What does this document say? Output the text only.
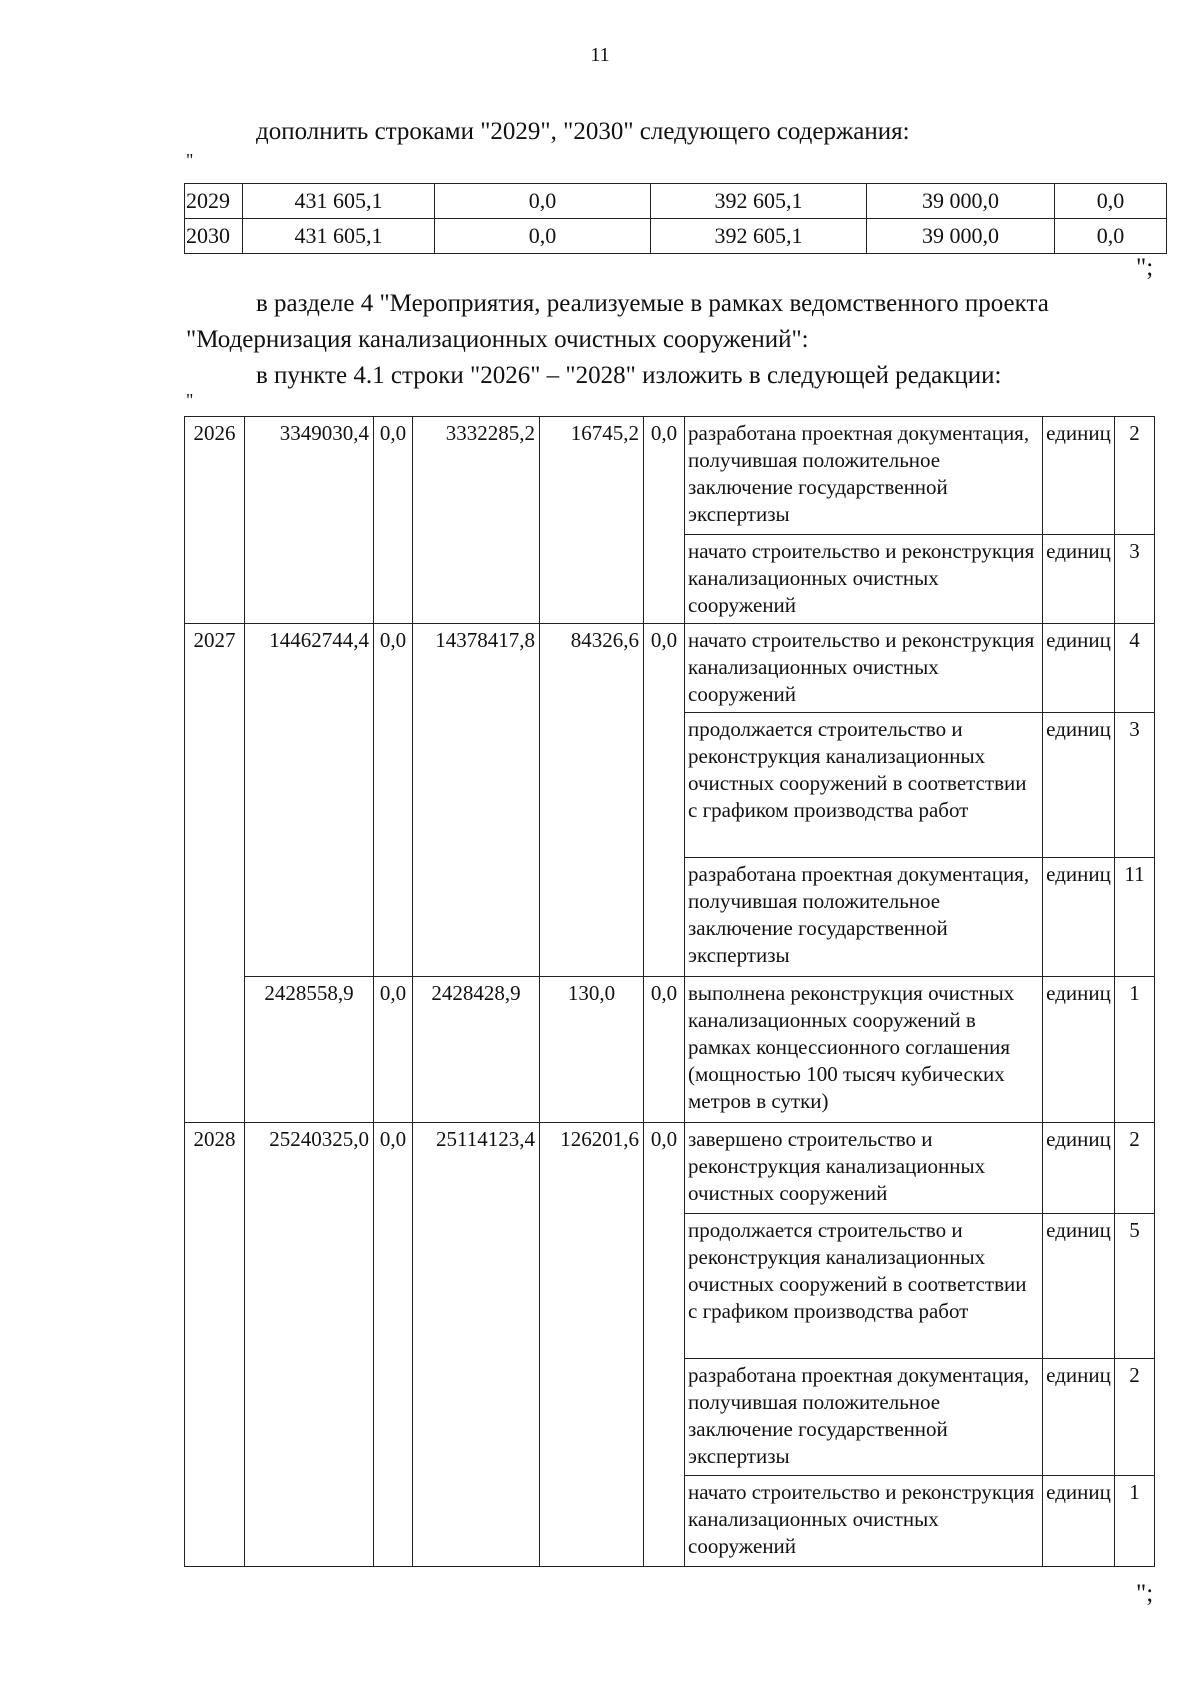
11
дополнить строками "2029", "2030" следующего содержания:
"
2029	431 605,1	0,0	392 605,1	39 000,0	0,0
2030	431 605,1	0,0	392 605,1	39 000,0	0,0
";
в разделе 4 "Мероприятия, реализуемые в рамках ведомственного проекта
"Модернизация канализационных очистных сооружений":
в пункте 4.1 строки "2026" – "2028" изложить в следующей редакции:
"
2026	3349030,4	0,0	3332285,2	16745,2	0,0	разработана проектная документация, получившая положительное заключение государственной экспертизы	единиц	2
						начато строительство и реконструкция канализационных очистных сооружений	единиц	3
2027	14462744,4	0,0	14378417,8	84326,6	0,0	начато строительство и реконструкция канализационных очистных сооружений	единиц	4
						продолжается строительство и реконструкция канализационных очистных сооружений в соответствии с графиком производства работ	единиц	3
						разработана проектная документация, получившая положительное заключение государственной экспертизы	единиц	11
	2428558,9	0,0	2428428,9	130,0	0,0	выполнена реконструкция очистных канализационных сооружений в рамках концессионного соглашения (мощностью 100 тысяч кубических метров в сутки)	единиц	1
2028	25240325,0	0,0	25114123,4	126201,6	0,0	завершено строительство и реконструкция канализационных очистных сооружений	единиц	2
						продолжается строительство и реконструкция канализационных очистных сооружений в соответствии с графиком производства работ	единиц	5
						разработана проектная документация, получившая положительное заключение государственной экспертизы	единиц	2
						начато строительство и реконструкция канализационных очистных сооружений	единиц	1
";
